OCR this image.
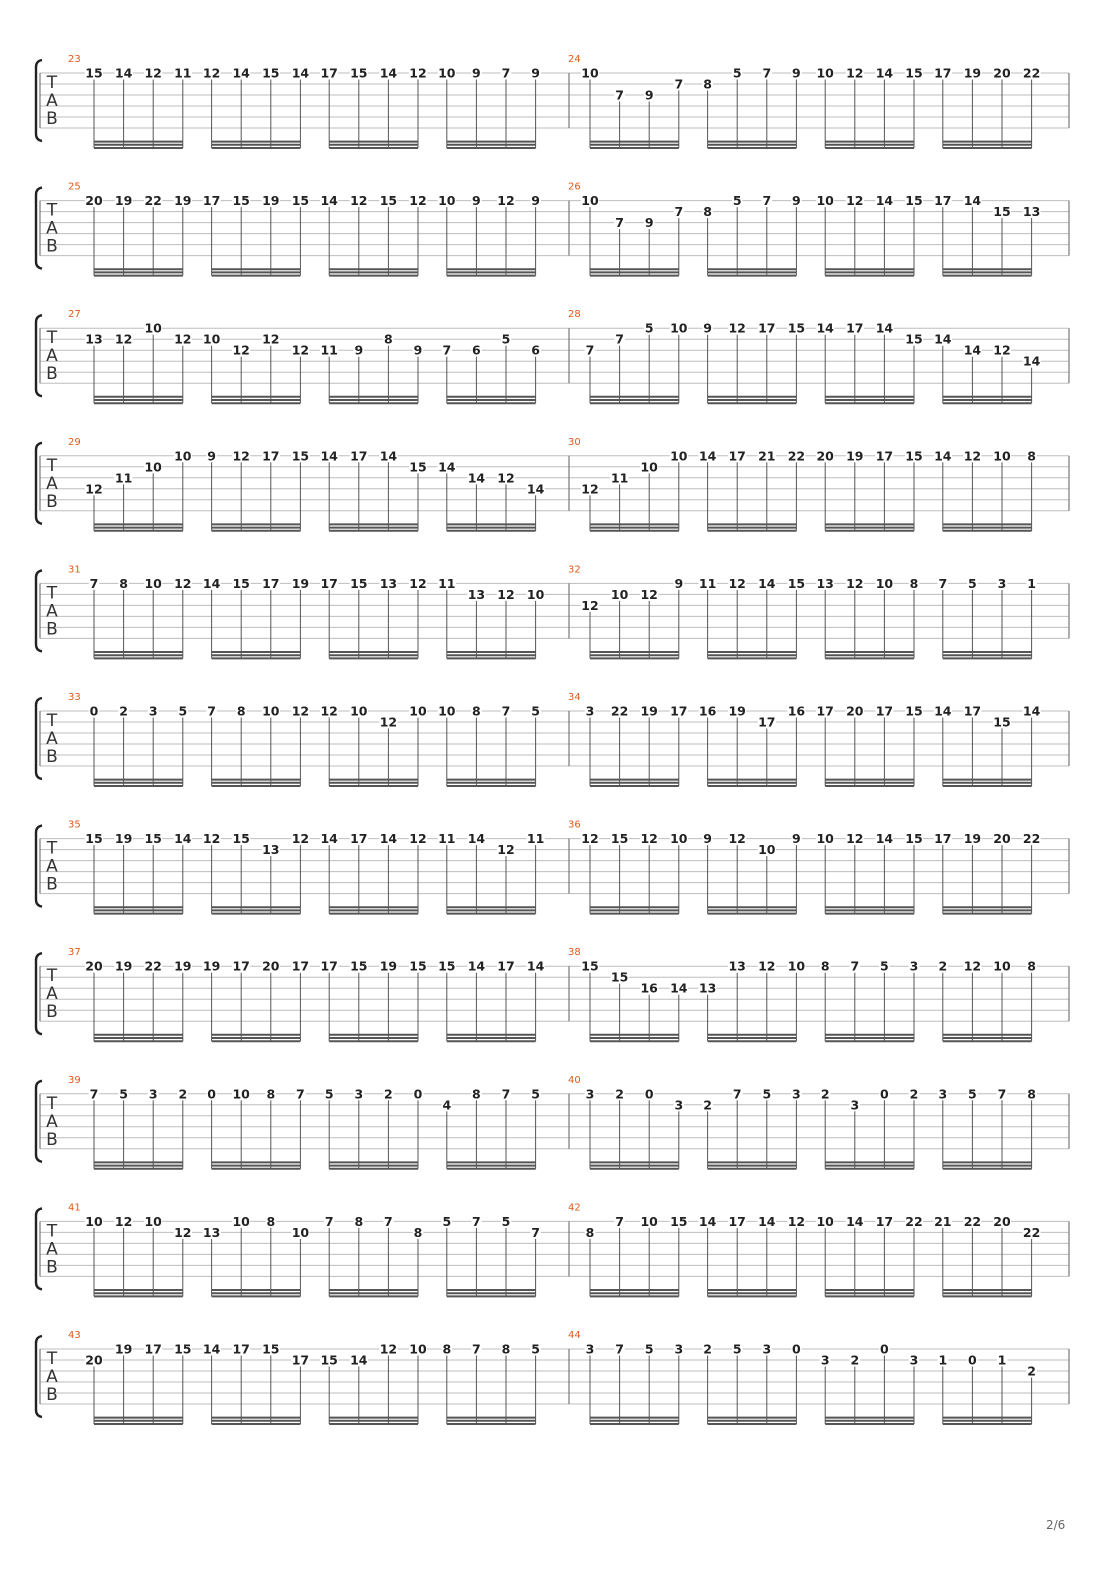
T
A
B
23
15 14 12 11 12 14 15 14 17 15 14 12 10 9 7 9
24
10
7 9
7 8
5 7 9 10 12 14 15 17 19 20 22
T
A
B
25
20 19 22 19 17 15 19 15 14 12 15 12 10 9 12 9
26
10
7 9
7 8
5 7 9 10 12 14 15 17 14
15 13
T
A
B
27
13 12
10
12 10
12
12
12 11 9
8
9 7 6
5
6
28
7
7
5 10 9 12 17 15 14 17 14
15 14
14 12
14
T
A
B
29
12
11
10
10 9 12 17 15 14 17 14
15 14
14 12
14
30
12
11
10
10 14 17 21 22 20 19 17 15 14 12 10 8
T
A
B
31
7 8 10 12 14 15 17 19 17 15 13 12 11
13 12 10
32
12
10 12
9 11 12 14 15 13 12 10 8 7 5 3 1
T
A
B
33
0 2 3 5 7 8 10 12 12 10
12
10 10 8 7 5
34
3 22 19 17 16 19
17
16 17 20 17 15 14 17
15
14
T
A
B
35
15 19 15 14 12 15
13
12 14 17 14 12 11 14
12
11
36
12 15 12 10 9 12
10
9 10 12 14 15 17 19 20 22
T
A
B
37
20 19 22 19 19 17 20 17 17 15 19 15 15 14 17 14
38
15
15
16 14 13
13 12 10 8 7 5 3 2 12 10 8
T
A
B
39
7 5 3 2 0 10 8 7 5 3 2 0
4
8 7 5
40
3 2 0
3 2
7 5 3 2
3
0 2 3 5 7 8
T
A
B
41
10 12 10
12 13
10 8
10
7 8 7
8
5 7 5
7
42
8
7 10 15 14 17 14 12 10 14 17 22 21 22 20
22
T
A
B
43
20
19 17 15 14 17 15
17 15 14
12 10 8 7 8 5
44
3 7 5 3 2 5 3 0
3 2
0
3 1 0 1
2
2/6
